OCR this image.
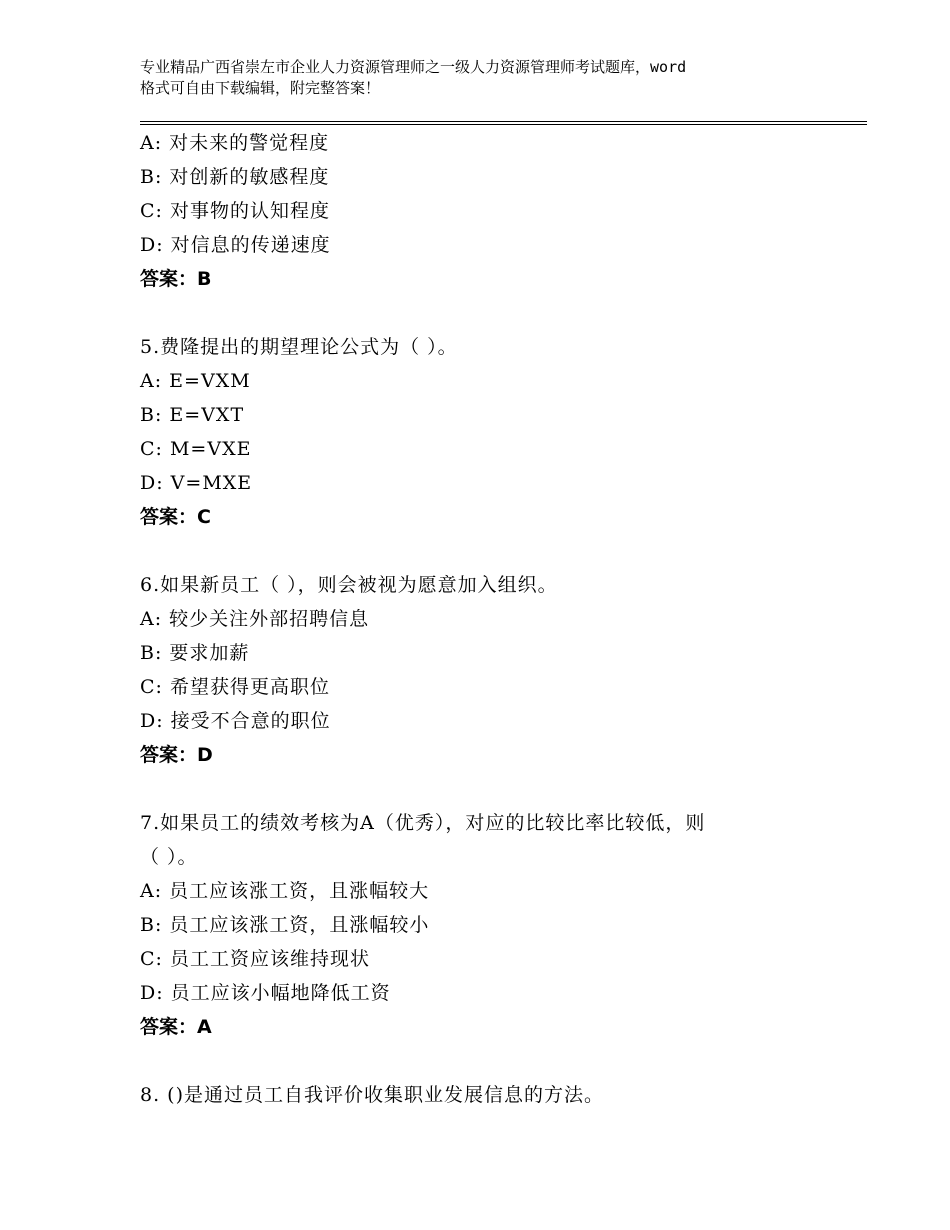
专业精品广西省崇左市企业人力资源管理师之一级人力资源管理师考试题库，word
格式可自由下载编辑，附完整答案！
A: 对未来的警觉程度
B: 对创新的敏感程度
C: 对事物的认知程度
D: 对信息的传递速度
答案：B
5.费隆提出的期望理论公式为（ ）。
A: E=VXM
B: E=VXT
C: M=VXE
D: V=MXE
答案：C
6.如果新员工（ ），则会被视为愿意加入组织。
A: 较少关注外部招聘信息
B: 要求加薪
C: 希望获得更高职位
D: 接受不合意的职位
答案：D
7.如果员工的绩效考核为A（优秀），对应的比较比率比较低，则
（ ）。
A: 员工应该涨工资，且涨幅较大
B: 员工应该涨工资，且涨幅较小
C: 员工工资应该维持现状
D: 员工应该小幅地降低工资
答案：A
8. ()是通过员工自我评价收集职业发展信息的方法。
